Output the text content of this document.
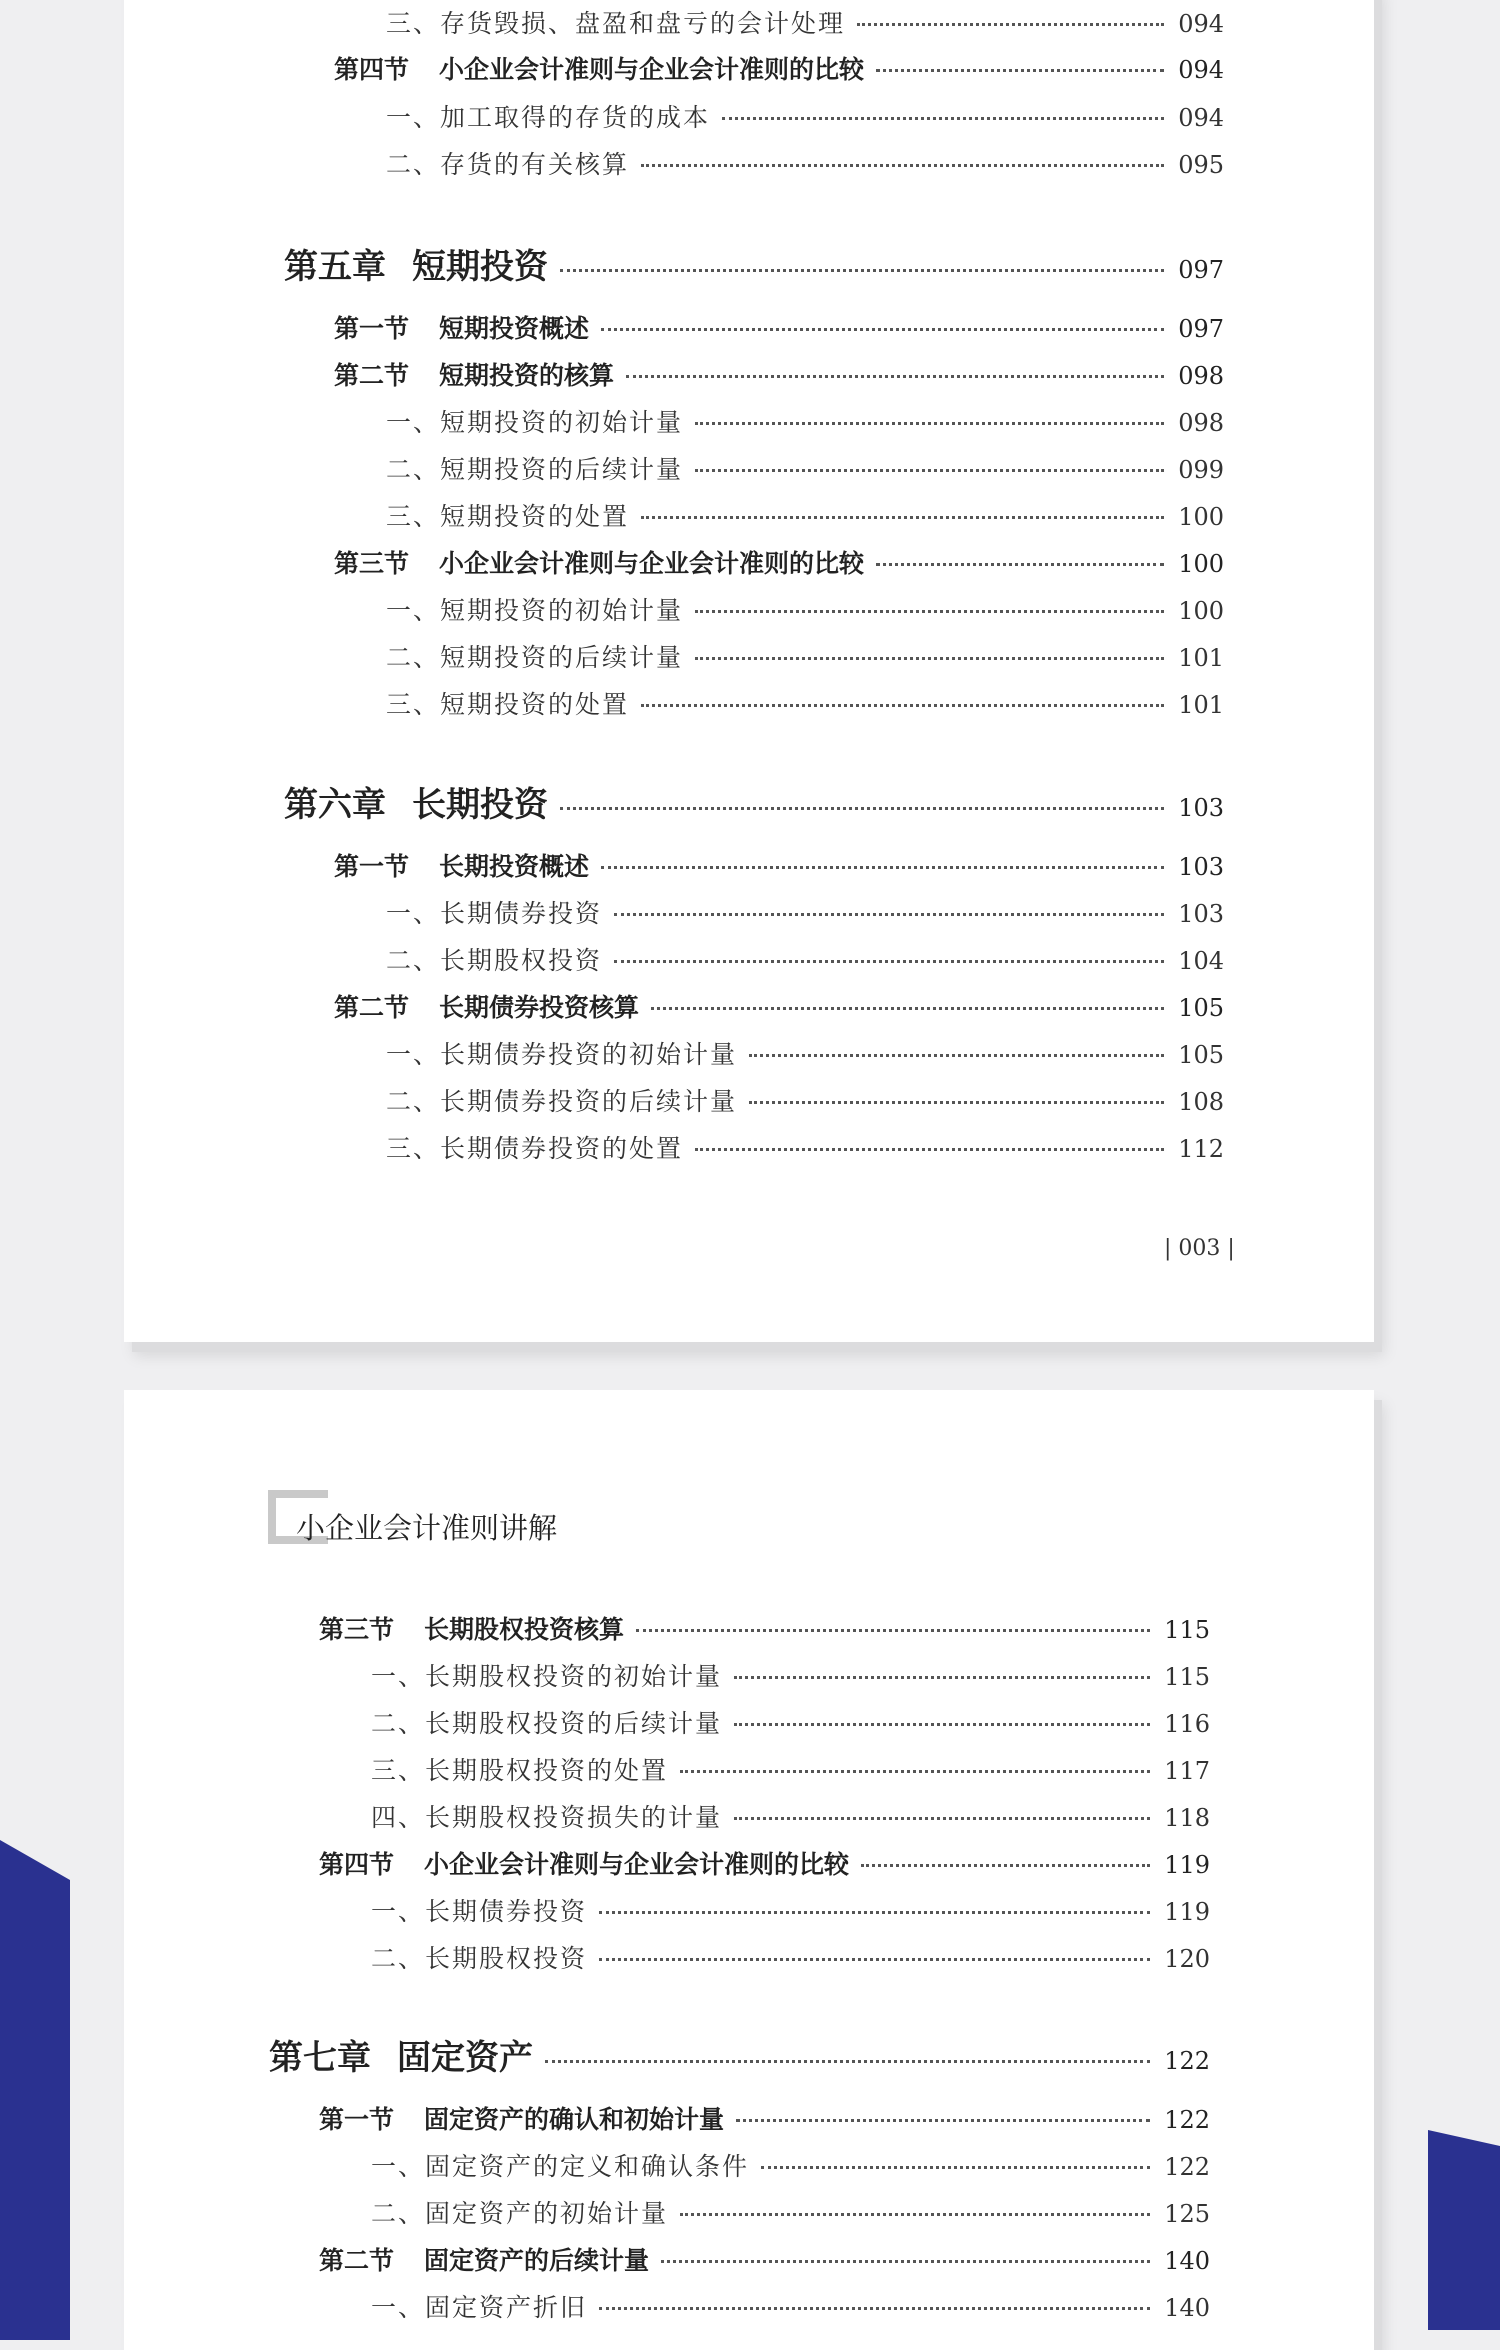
三、存货毁损、盘盈和盘亏的会计处理	094
第四节 小企业会计准则与企业会计准则的比较	094
一、加工取得的存货的成本	094
二、存货的有关核算	095
第五章 短期投资	097
第一节 短期投资概述	097
第二节 短期投资的核算	098
一、短期投资的初始计量	098
二、短期投资的后续计量	099
三、短期投资的处置	100
第三节 小企业会计准则与企业会计准则的比较	100
一、短期投资的初始计量	100
二、短期投资的后续计量	101
三、短期投资的处置	101
第六章 长期投资	103
第一节 长期投资概述	103
一、长期债券投资	103
二、长期股权投资	104
第二节 长期债券投资核算	105
一、长期债券投资的初始计量	105
二、长期债券投资的后续计量	108
三、长期债券投资的处置	112
| 003 |
小企业会计准则讲解
第三节 长期股权投资核算	115
一、长期股权投资的初始计量	115
二、长期股权投资的后续计量	116
三、长期股权投资的处置	117
四、长期股权投资损失的计量	118
第四节 小企业会计准则与企业会计准则的比较	119
一、长期债券投资	119
二、长期股权投资	120
第七章 固定资产	122
第一节 固定资产的确认和初始计量	122
一、固定资产的定义和确认条件	122
二、固定资产的初始计量	125
第二节 固定资产的后续计量	140
一、固定资产折旧	140
